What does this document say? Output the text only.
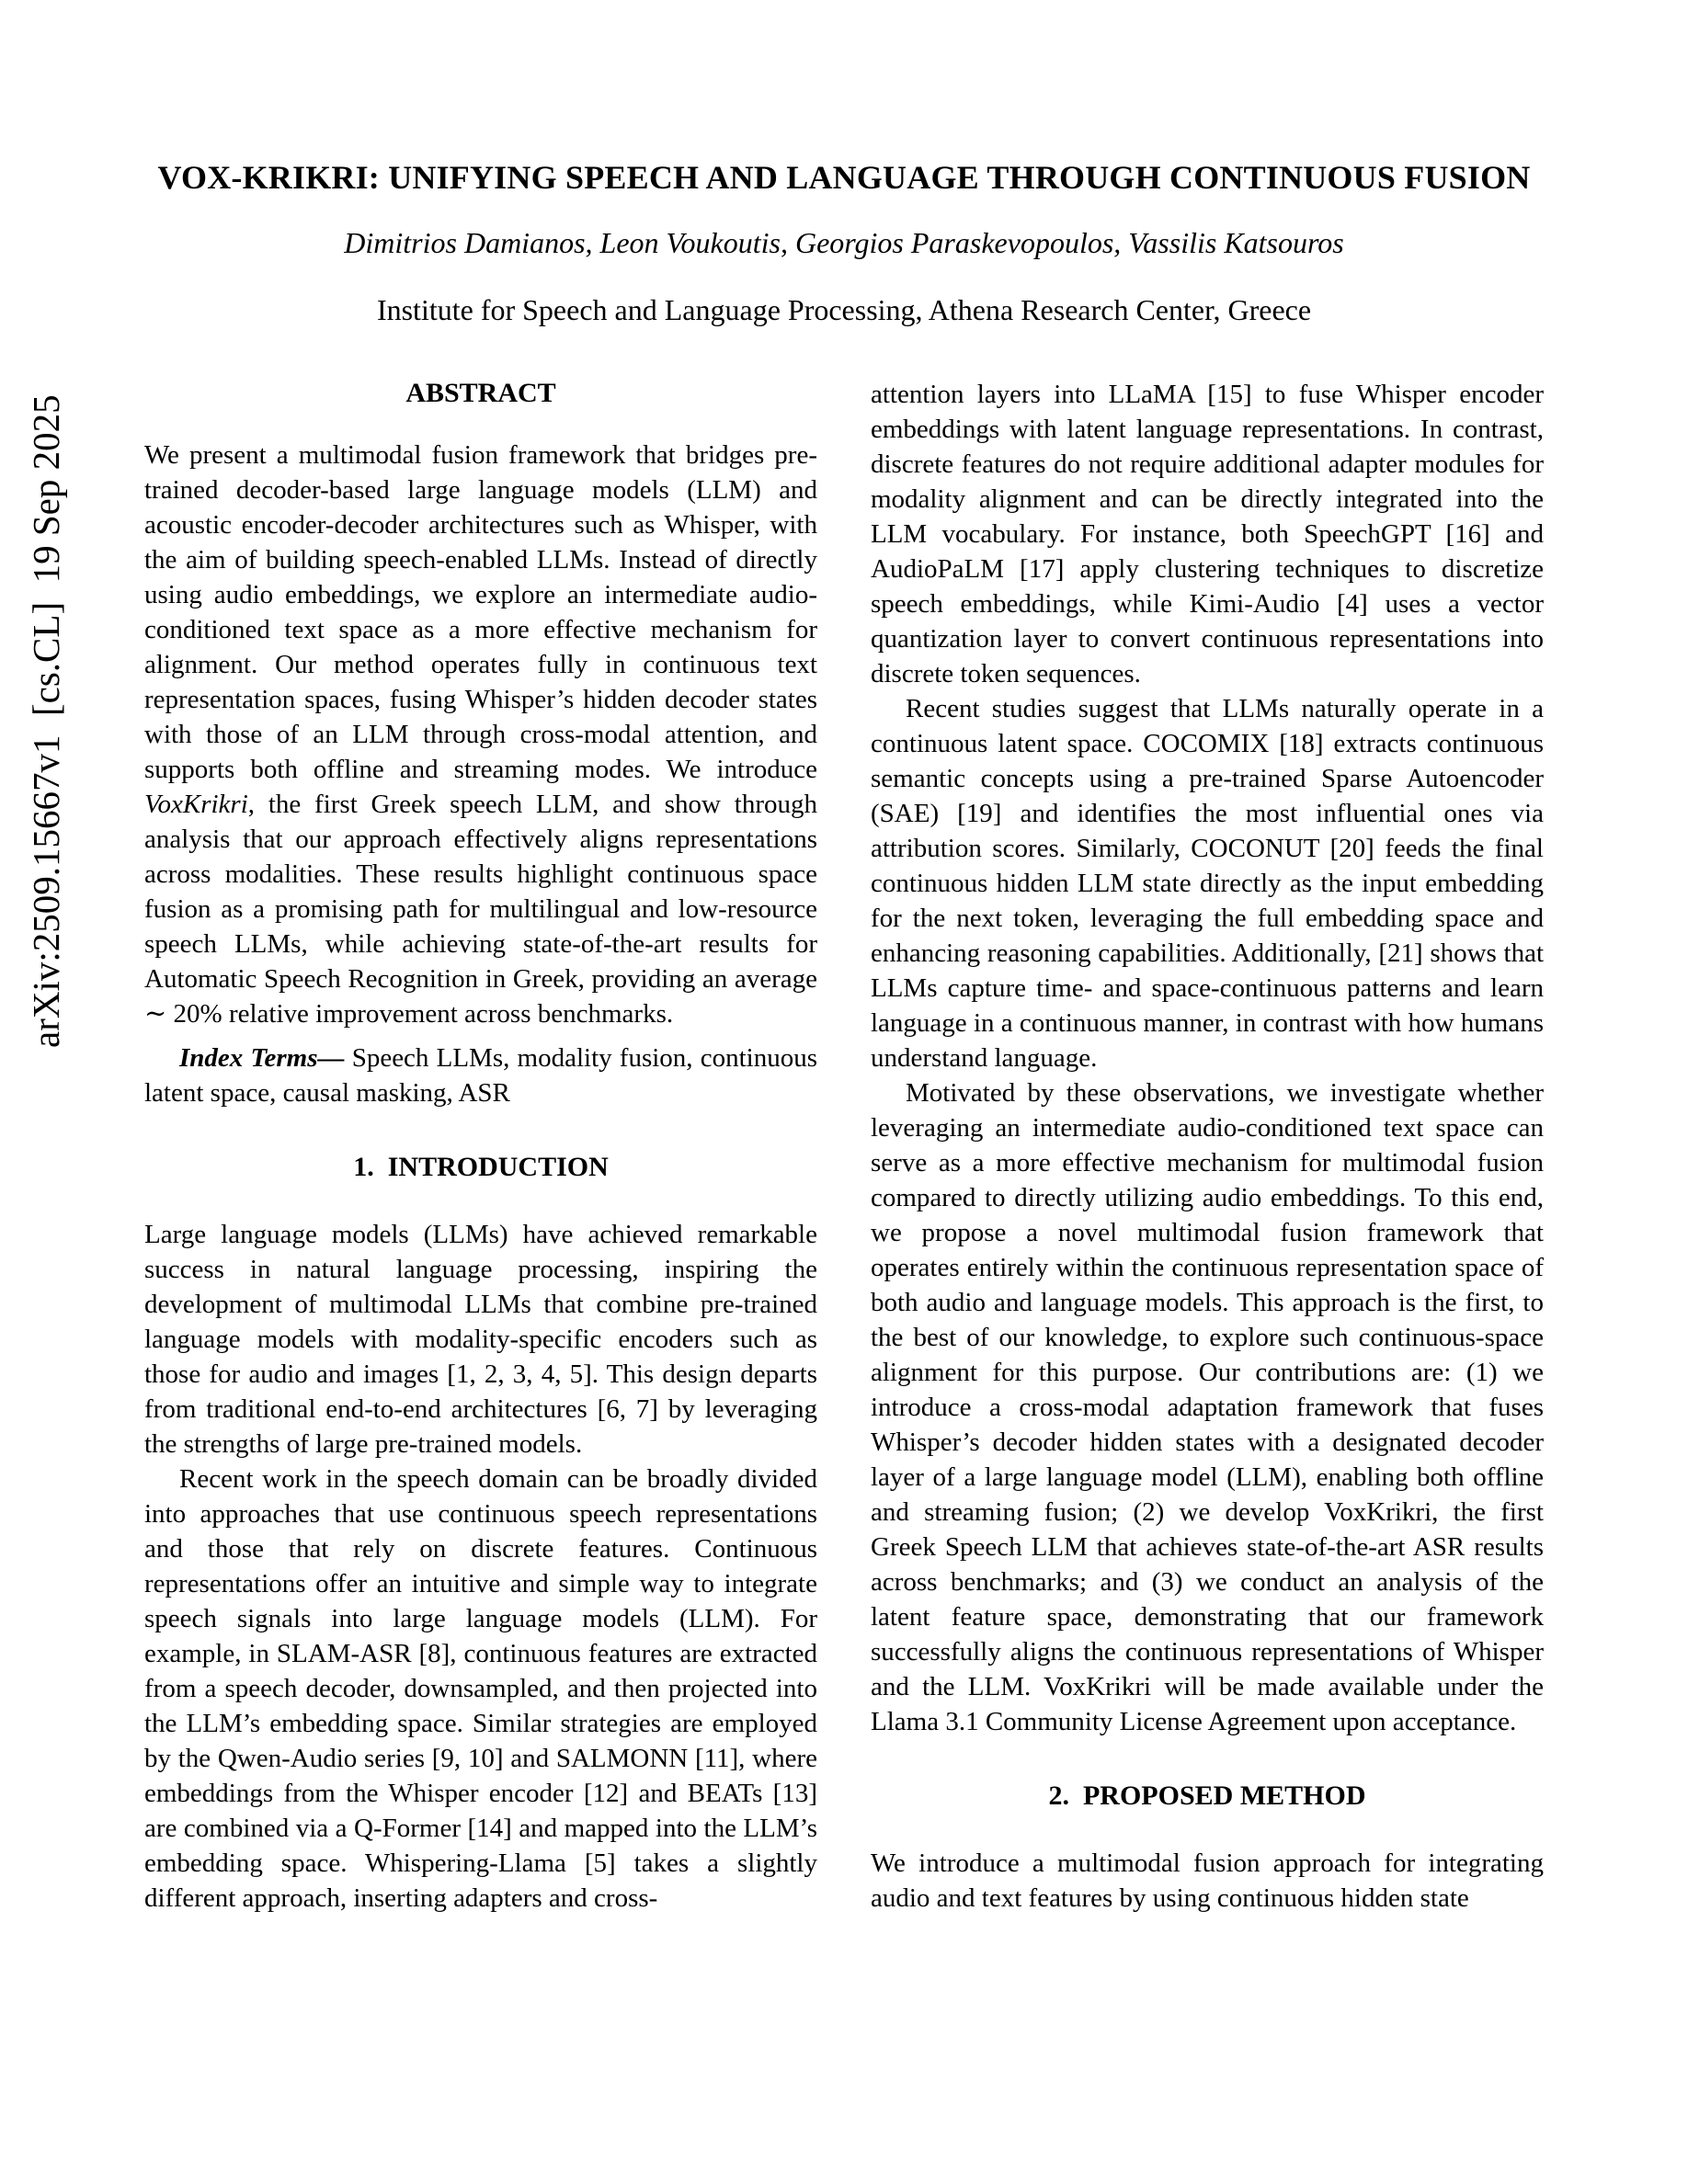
arXiv:2509.15667v1  [cs.CL]  19 Sep 2025
VOX-KRIKRI: UNIFYING SPEECH AND LANGUAGE THROUGH CONTINUOUS FUSION
Dimitrios Damianos, Leon Voukoutis, Georgios Paraskevopoulos, Vassilis Katsouros
Institute for Speech and Language Processing, Athena Research Center, Greece
ABSTRACT

We present a multimodal fusion framework that bridges pre-trained decoder-based large language models (LLM) and acoustic encoder-decoder architectures such as Whisper, with the aim of building speech-enabled LLMs. Instead of directly using audio embeddings, we explore an intermediate audio-conditioned text space as a more effective mechanism for alignment. Our method operates fully in continuous text representation spaces, fusing Whisper’s hidden decoder states with those of an LLM through cross-modal attention, and supports both offline and streaming modes. We introduce VoxKrikri, the first Greek speech LLM, and show through analysis that our approach effectively aligns representations across modalities. These results highlight continuous space fusion as a promising path for multilingual and low-resource speech LLMs, while achieving state-of-the-art results for Automatic Speech Recognition in Greek, providing an average ∼ 20% relative improvement across benchmarks.

Index Terms— Speech LLMs, modality fusion, continuous latent space, causal masking, ASR

1.  INTRODUCTION

Large language models (LLMs) have achieved remarkable success in natural language processing, inspiring the development of multimodal LLMs that combine pre-trained language models with modality-specific encoders such as those for audio and images [1, 2, 3, 4, 5]. This design departs from traditional end-to-end architectures [6, 7] by leveraging the strengths of large pre-trained models.

Recent work in the speech domain can be broadly divided into approaches that use continuous speech representations and those that rely on discrete features. Continuous representations offer an intuitive and simple way to integrate speech signals into large language models (LLM). For example, in SLAM-ASR [8], continuous features are extracted from a speech decoder, downsampled, and then projected into the LLM’s embedding space. Similar strategies are employed by the Qwen-Audio series [9, 10] and SALMONN [11], where embeddings from the Whisper encoder [12] and BEATs [13] are combined via a Q-Former [14] and mapped into the LLM’s embedding space. Whispering-Llama [5] takes a slightly different approach, inserting adapters and cross-

attention layers into LLaMA [15] to fuse Whisper encoder embeddings with latent language representations. In contrast, discrete features do not require additional adapter modules for modality alignment and can be directly integrated into the LLM vocabulary. For instance, both SpeechGPT [16] and AudioPaLM [17] apply clustering techniques to discretize speech embeddings, while Kimi-Audio [4] uses a vector quantization layer to convert continuous representations into discrete token sequences.

Recent studies suggest that LLMs naturally operate in a continuous latent space. COCOMIX [18] extracts continuous semantic concepts using a pre-trained Sparse Autoencoder (SAE) [19] and identifies the most influential ones via attribution scores. Similarly, COCONUT [20] feeds the final continuous hidden LLM state directly as the input embedding for the next token, leveraging the full embedding space and enhancing reasoning capabilities. Additionally, [21] shows that LLMs capture time- and space-continuous patterns and learn language in a continuous manner, in contrast with how humans understand language.

Motivated by these observations, we investigate whether leveraging an intermediate audio-conditioned text space can serve as a more effective mechanism for multimodal fusion compared to directly utilizing audio embeddings. To this end, we propose a novel multimodal fusion framework that operates entirely within the continuous representation space of both audio and language models. This approach is the first, to the best of our knowledge, to explore such continuous-space alignment for this purpose. Our contributions are: (1) we introduce a cross-modal adaptation framework that fuses Whisper’s decoder hidden states with a designated decoder layer of a large language model (LLM), enabling both offline and streaming fusion; (2) we develop VoxKrikri, the first Greek Speech LLM that achieves state-of-the-art ASR results across benchmarks; and (3) we conduct an analysis of the latent feature space, demonstrating that our framework successfully aligns the continuous representations of Whisper and the LLM. VoxKrikri will be made available under the Llama 3.1 Community License Agreement upon acceptance.

2.  PROPOSED METHOD

We introduce a multimodal fusion approach for integrating audio and text features by using continuous hidden state
